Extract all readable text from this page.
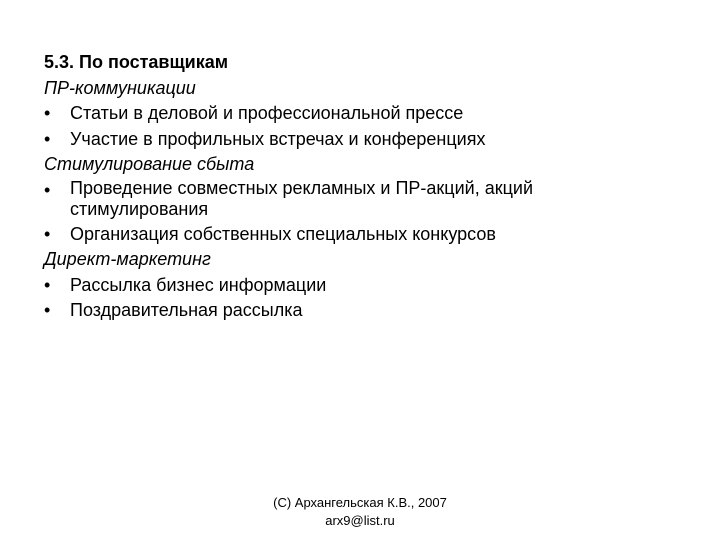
5.3. По поставщикам
ПР-коммуникации
•	Статьи в деловой и профессиональной прессе
•	Участие в профильных встречах и конференциях
Стимулирование сбыта
•	Проведение совместных рекламных и ПР-акций, акций стимулирования
•	Организация собственных специальных конкурсов
Директ-маркетинг
•	Рассылка бизнес информации
•	Поздравительная рассылка
(C) Архангельская К.В., 2007
arx9@list.ru
